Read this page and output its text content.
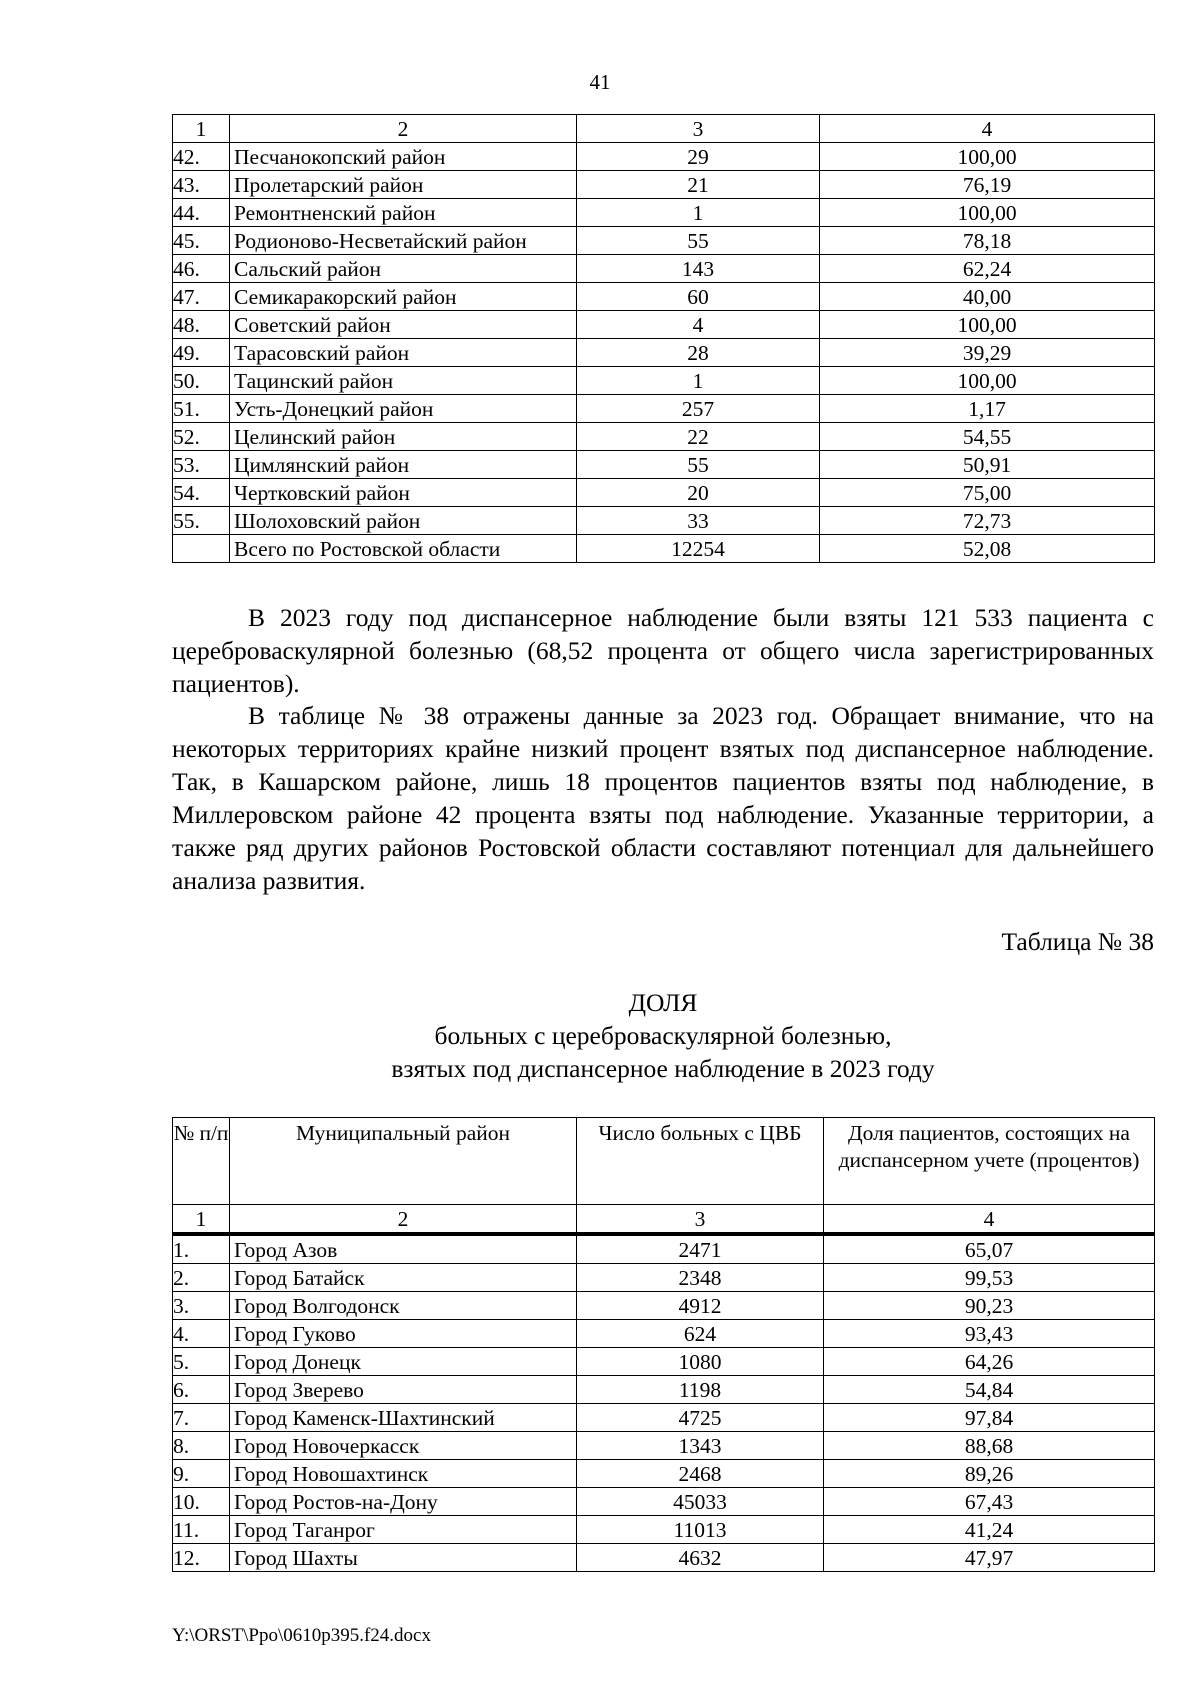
41
1	2	3	4
42.	Песчанокопский район	29	100,00
43.	Пролетарский район	21	76,19
44.	Ремонтненский район	1	100,00
45.	Родионово-Несветайский район	55	78,18
46.	Сальский район	143	62,24
47.	Семикаракорский район	60	40,00
48.	Советский район	4	100,00
49.	Тарасовский район	28	39,29
50.	Тацинский район	1	100,00
51.	Усть-Донецкий район	257	1,17
52.	Целинский район	22	54,55
53.	Цимлянский район	55	50,91
54.	Чертковский район	20	75,00
55.	Шолоховский район	33	72,73
	Всего по Ростовской области	12254	52,08
В 2023 году под диспансерное наблюдение были взяты 121 533 пациента с цереброваскулярной болезнью (68,52 процента от общего числа зарегистрированных пациентов).
В таблице № 38 отражены данные за 2023 год. Обращает внимание, что на некоторых территориях крайне низкий процент взятых под диспансерное наблюдение. Так, в Кашарском районе, лишь 18 процентов пациентов взяты под наблюдение, в Миллеровском районе 42 процента взяты под наблюдение. Указанные территории, а также ряд других районов Ростовской области составляют потенциал для дальнейшего анализа развития.
Таблица № 38
ДОЛЯ
больных с цереброваскулярной болезнью,
взятых под диспансерное наблюдение в 2023 году
№ п/п	Муниципальный район	Число больных с ЦВБ	Доля пациентов, состоящих на диспансерном учете (процентов)
1	2	3	4
1.	Город Азов	2471	65,07
2.	Город Батайск	2348	99,53
3.	Город Волгодонск	4912	90,23
4.	Город Гуково	624	93,43
5.	Город Донецк	1080	64,26
6.	Город Зверево	1198	54,84
7.	Город Каменск-Шахтинский	4725	97,84
8.	Город Новочеркасск	1343	88,68
9.	Город Новошахтинск	2468	89,26
10.	Город Ростов-на-Дону	45033	67,43
11.	Город Таганрог	11013	41,24
12.	Город Шахты	4632	47,97
Y:\ORST\Ppo\0610p395.f24.docx
